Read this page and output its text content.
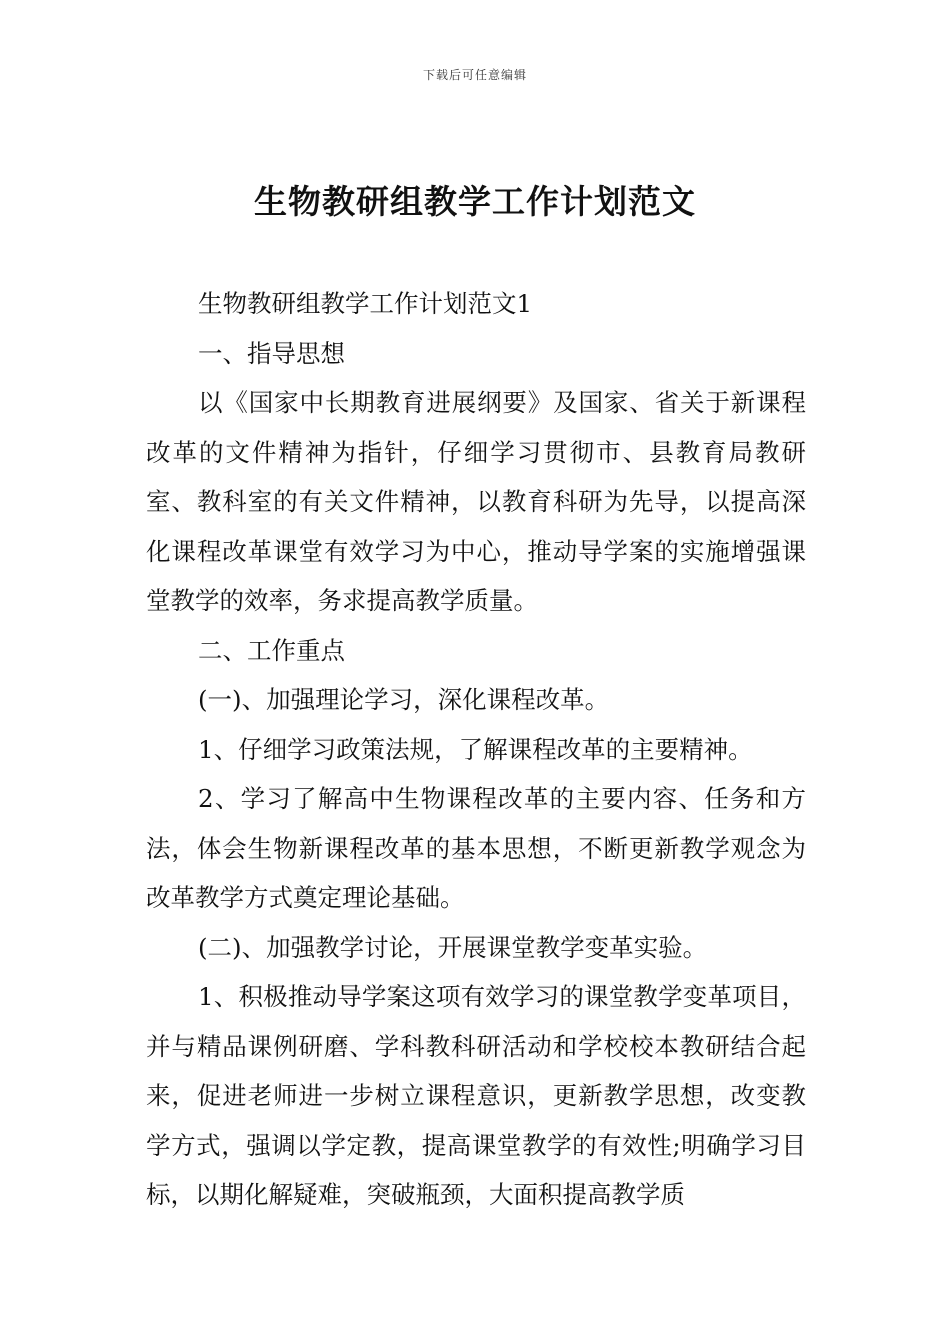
下载后可任意编辑
生物教研组教学工作计划范文

生物教研组教学工作计划范文1

一、指导思想

以《国家中长期教育进展纲要》及国家、省关于新课程改革的文件精神为指针，仔细学习贯彻市、县教育局教研室、教科室的有关文件精神，以教育科研为先导，以提高深化课程改革课堂有效学习为中心，推动导学案的实施增强课堂教学的效率，务求提高教学质量。

二、工作重点

(一)、加强理论学习，深化课程改革。

1、仔细学习政策法规，了解课程改革的主要精神。

2、学习了解高中生物课程改革的主要内容、任务和方法，体会生物新课程改革的基本思想，不断更新教学观念为改革教学方式奠定理论基础。

(二)、加强教学讨论，开展课堂教学变革实验。

1、积极推动导学案这项有效学习的课堂教学变革项目，并与精品课例研磨、学科教科研活动和学校校本教研结合起来，促进老师进一步树立课程意识，更新教学思想，改变教学方式，强调以学定教，提高课堂教学的有效性;明确学习目标，以期化解疑难，突破瓶颈，大面积提高教学质
